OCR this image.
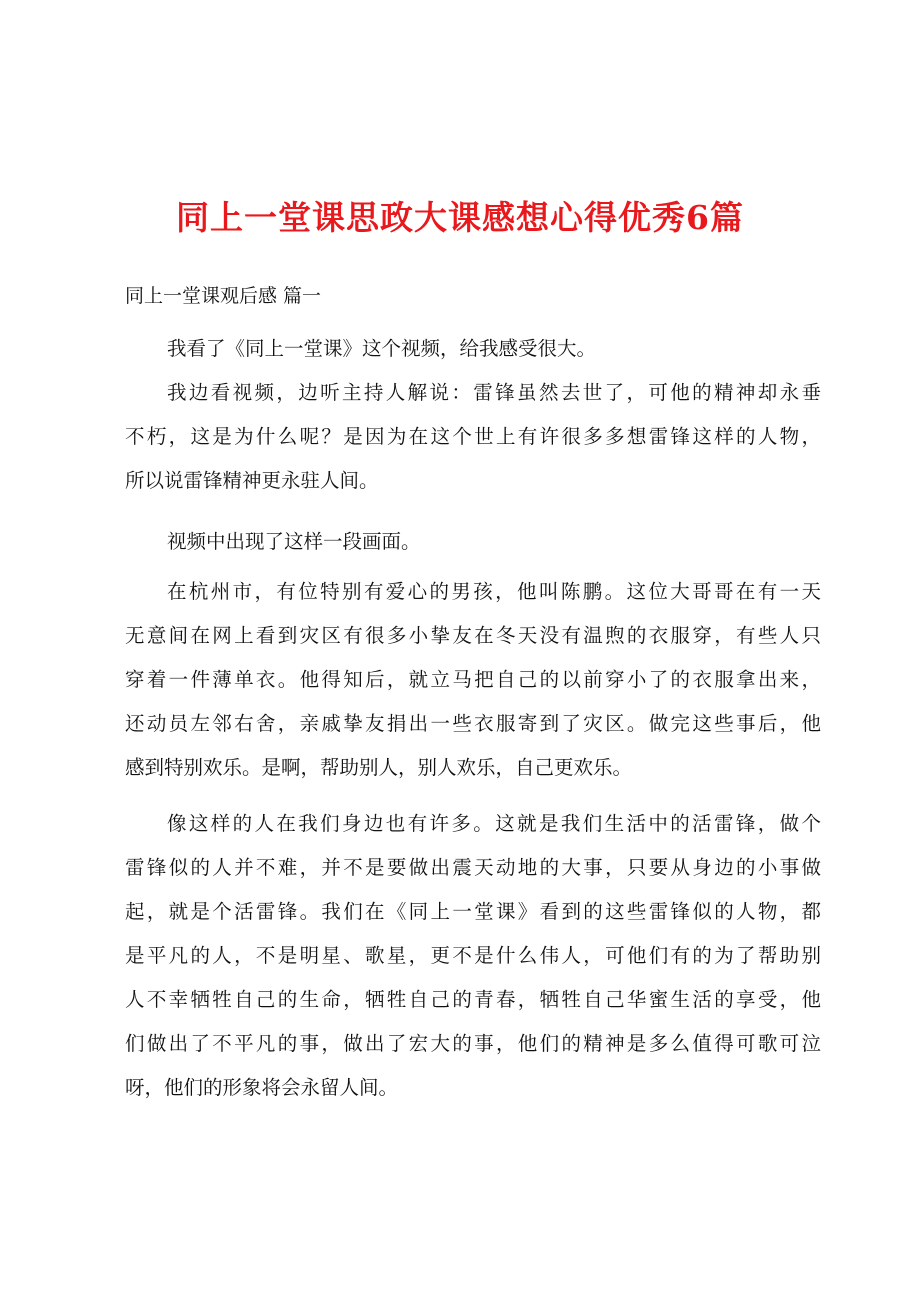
同上一堂课思政大课感想心得优秀6篇
同上一堂课观后感 篇一
我看了《同上一堂课》这个视频，给我感受很大。
我边看视频，边听主持人解说：雷锋虽然去世了，可他的精神却永垂
不朽，这是为什么呢？是因为在这个世上有许很多多想雷锋这样的人物，
所以说雷锋精神更永驻人间。
视频中出现了这样一段画面。
在杭州市，有位特别有爱心的男孩，他叫陈鹏。这位大哥哥在有一天
无意间在网上看到灾区有很多小挚友在冬天没有温煦的衣服穿，有些人只
穿着一件薄单衣。他得知后，就立马把自己的以前穿小了的衣服拿出来，
还动员左邻右舍，亲戚挚友捐出一些衣服寄到了灾区。做完这些事后，他
感到特别欢乐。是啊，帮助别人，别人欢乐，自己更欢乐。
像这样的人在我们身边也有许多。这就是我们生活中的活雷锋，做个
雷锋似的人并不难，并不是要做出震天动地的大事，只要从身边的小事做
起，就是个活雷锋。我们在《同上一堂课》看到的这些雷锋似的人物，都
是平凡的人，不是明星、歌星，更不是什么伟人，可他们有的为了帮助别
人不幸牺牲自己的生命，牺牲自己的青春，牺牲自己华蜜生活的享受，他
们做出了不平凡的事，做出了宏大的事，他们的精神是多么值得可歌可泣
呀，他们的形象将会永留人间。
